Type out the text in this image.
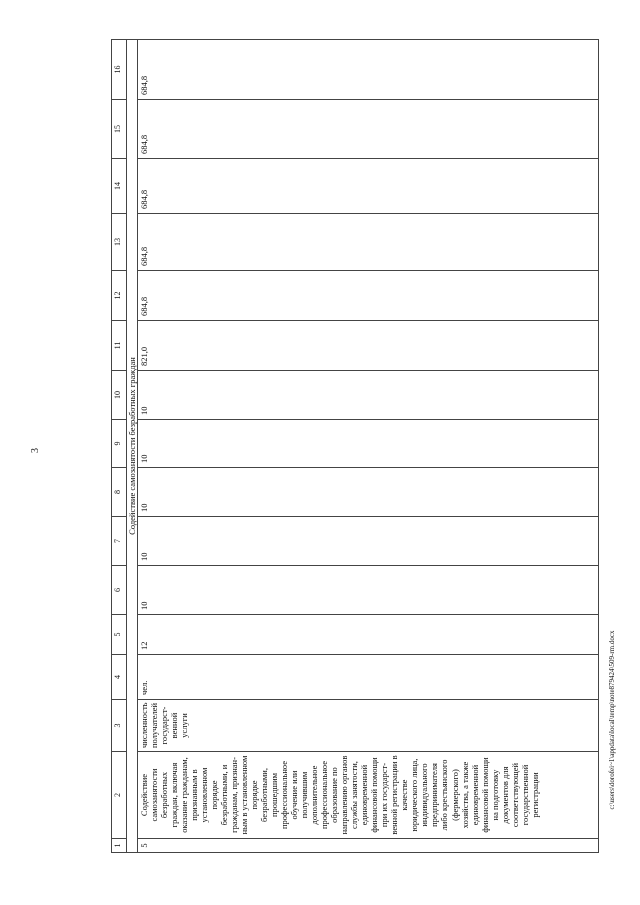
3
c:\users\dorofei~1\appdata\local\temp\note879424\509-rm.docx
1	2	3	4	5	6	7	8	9	10	11	12	13	14	15	16
Содействие самозанятости безработных граждан															
5	Содействие самозанятости безработных граждан, включая оказание гражданам, признанным в установленном порядке безработными, и гражданам, признан-ным в установленном порядке безработными, прошедшим профессиональное обучение или получившим дополнительное профессиональное образование по направлению органов службы занятости, единовременной финансовой помощи при их государст-венной регистрации в качестве юридического лица, индивидуального предпринимателя либо крестьянского (фермерского) хозяйства, а также единовременной финансовой помощи на подготовку документов для соответствующей государственной регистрации	численность получателей государст-венной услуги	чел.	12	10	10	10	10	10	821,0	684,8	684,8	684,8	684,8	684,8
